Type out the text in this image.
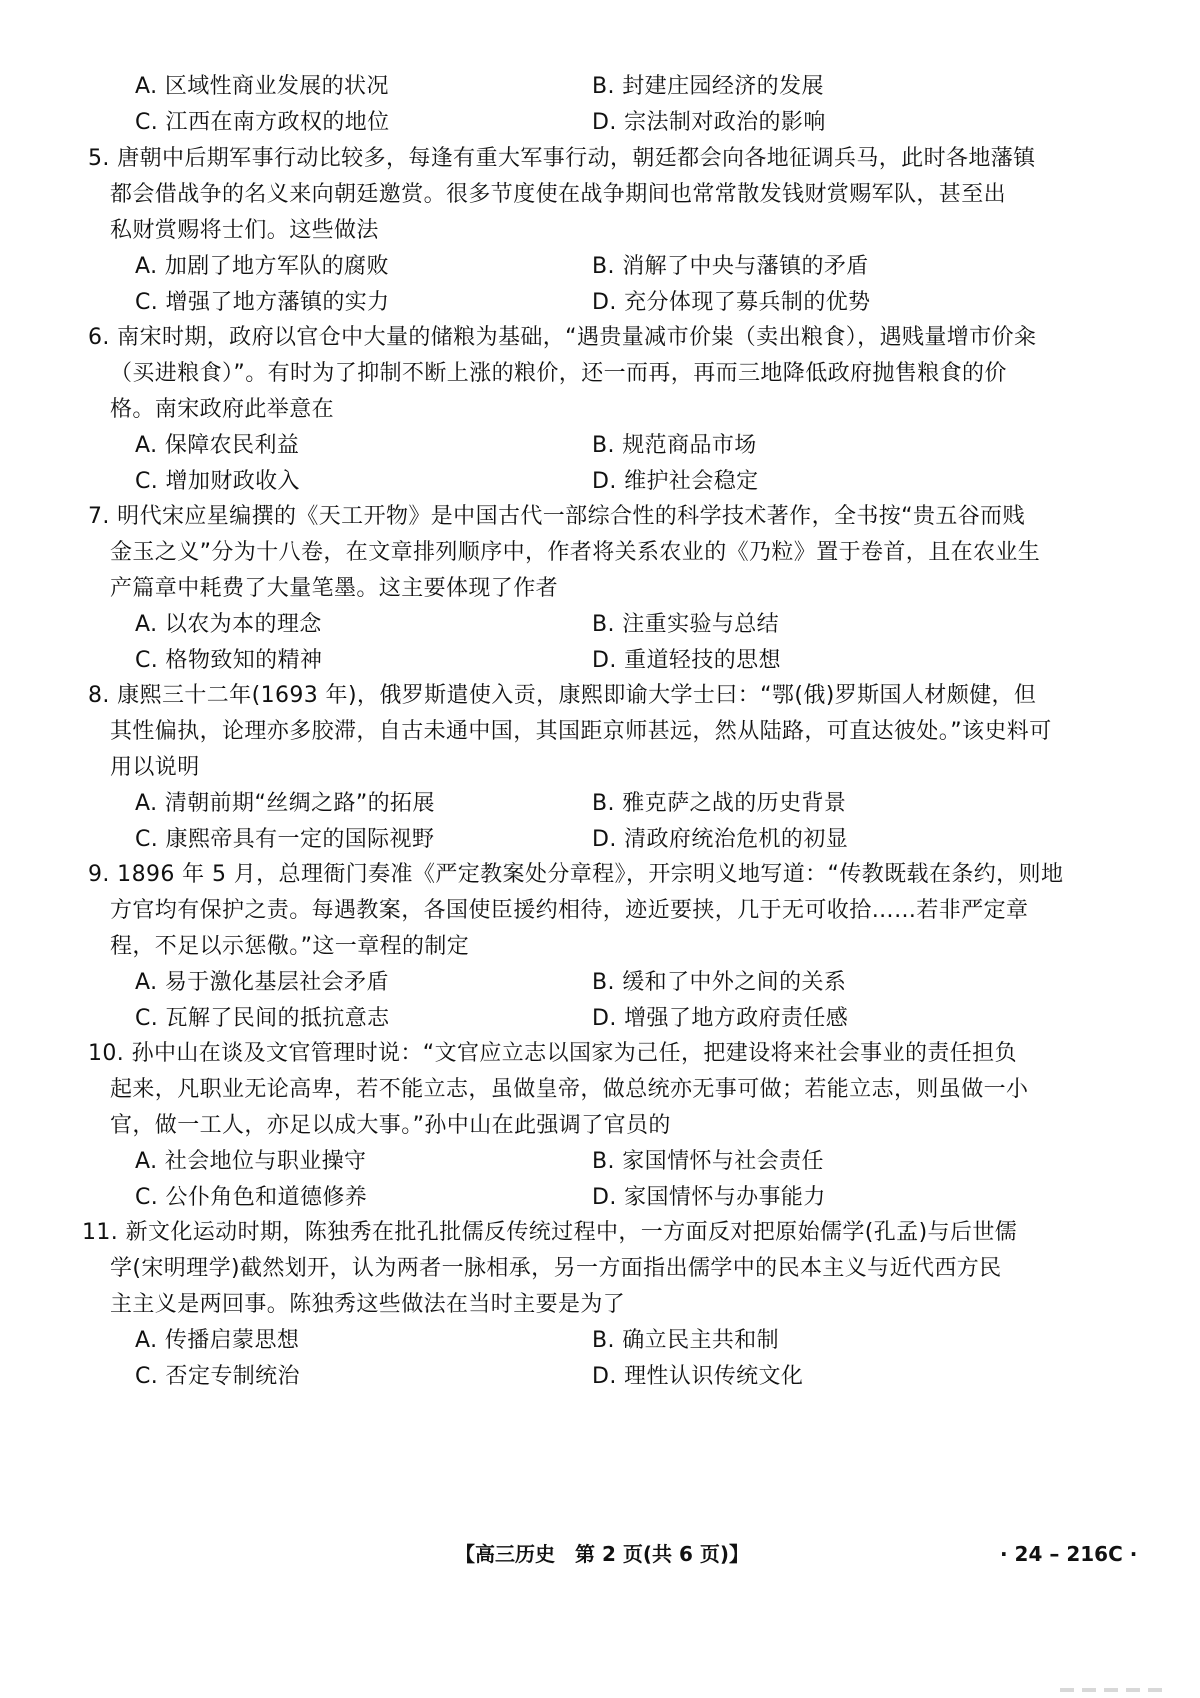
A. 区域性商业发展的状况	B. 封建庄园经济的发展
C. 江西在南方政权的地位	D. 宗法制对政治的影响
5. 唐朝中后期军事行动比较多，每逢有重大军事行动，朝廷都会向各地征调兵马，此时各地藩镇
都会借战争的名义来向朝廷邀赏。很多节度使在战争期间也常常散发钱财赏赐军队，甚至出
私财赏赐将士们。这些做法
A. 加剧了地方军队的腐败	B. 消解了中央与藩镇的矛盾
C. 增强了地方藩镇的实力	D. 充分体现了募兵制的优势
6. 南宋时期，政府以官仓中大量的储粮为基础，“遇贵量减市价粜（卖出粮食），遇贱量增市价籴
（买进粮食）”。有时为了抑制不断上涨的粮价，还一而再，再而三地降低政府抛售粮食的价
格。南宋政府此举意在
A. 保障农民利益	B. 规范商品市场
C. 增加财政收入	D. 维护社会稳定
7. 明代宋应星编撰的《天工开物》是中国古代一部综合性的科学技术著作，全书按“贵五谷而贱
金玉之义”分为十八卷，在文章排列顺序中，作者将关系农业的《乃粒》置于卷首，且在农业生
产篇章中耗费了大量笔墨。这主要体现了作者
A. 以农为本的理念	B. 注重实验与总结
C. 格物致知的精神	D. 重道轻技的思想
8. 康熙三十二年(1693 年)，俄罗斯遣使入贡，康熙即谕大学士曰：“鄂(俄)罗斯国人材颇健，但
其性偏执，论理亦多胶滞，自古未通中国，其国距京师甚远，然从陆路，可直达彼处。”该史料可
用以说明
A. 清朝前期“丝绸之路”的拓展	B. 雅克萨之战的历史背景
C. 康熙帝具有一定的国际视野	D. 清政府统治危机的初显
9. 1896 年 5 月，总理衙门奏准《严定教案处分章程》，开宗明义地写道：“传教既载在条约，则地
方官均有保护之责。每遇教案，各国使臣援约相待，迹近要挟，几于无可收拾……若非严定章
程，不足以示惩儆。”这一章程的制定
A. 易于激化基层社会矛盾	B. 缓和了中外之间的关系
C. 瓦解了民间的抵抗意志	D. 增强了地方政府责任感
10. 孙中山在谈及文官管理时说：“文官应立志以国家为己任，把建设将来社会事业的责任担负
起来，凡职业无论高卑，若不能立志，虽做皇帝，做总统亦无事可做；若能立志，则虽做一小
官，做一工人，亦足以成大事。”孙中山在此强调了官员的
A. 社会地位与职业操守	B. 家国情怀与社会责任
C. 公仆角色和道德修养	D. 家国情怀与办事能力
11. 新文化运动时期，陈独秀在批孔批儒反传统过程中，一方面反对把原始儒学(孔孟)与后世儒
学(宋明理学)截然划开，认为两者一脉相承，另一方面指出儒学中的民本主义与近代西方民
主主义是两回事。陈独秀这些做法在当时主要是为了
A. 传播启蒙思想	B. 确立民主共和制
C. 否定专制统治	D. 理性认识传统文化
【高三历史　第 2 页(共 6 页)】	· 24 – 216C ·
